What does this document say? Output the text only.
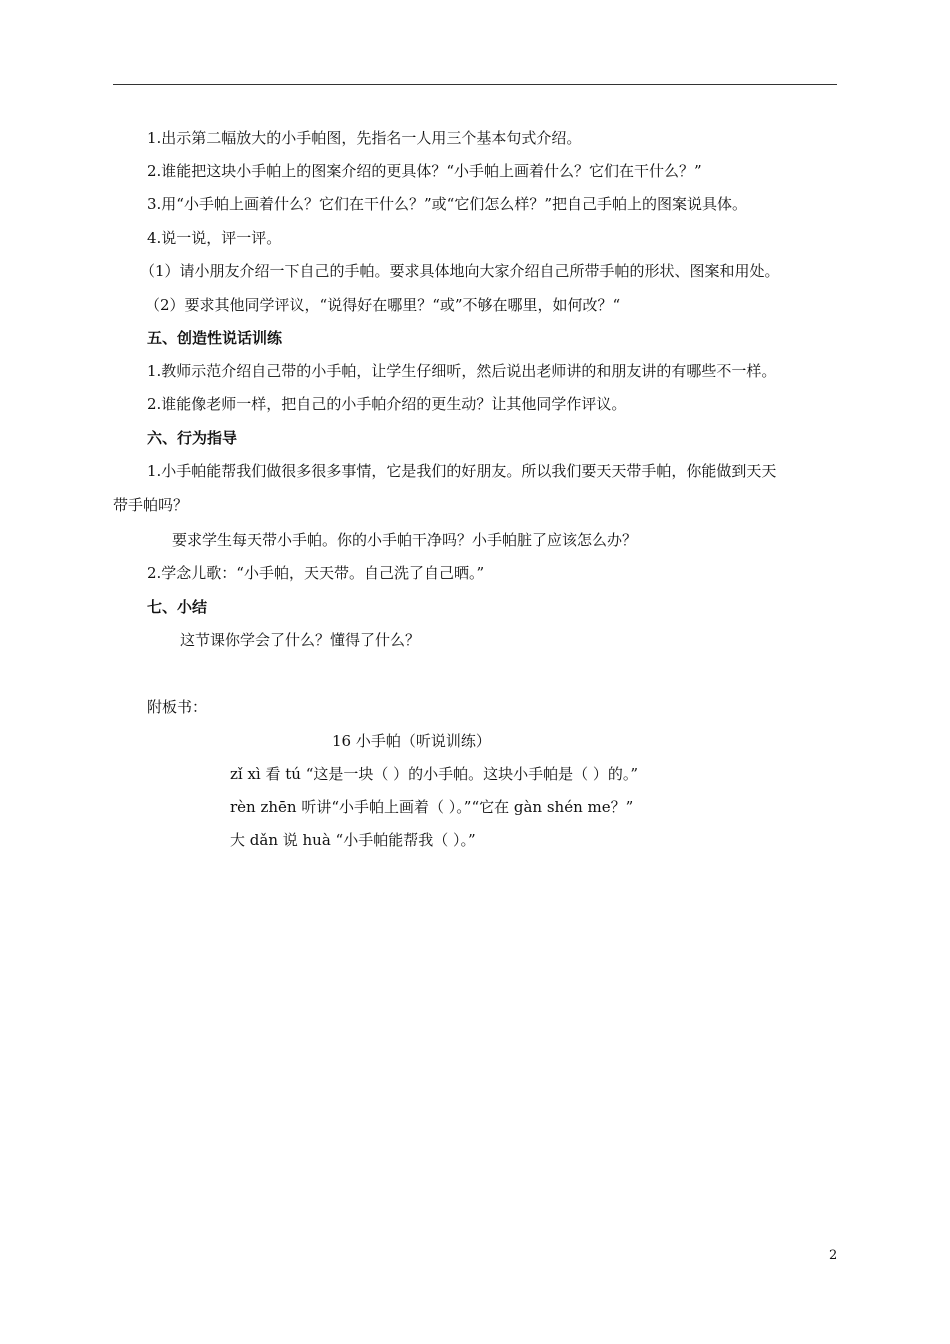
1.出示第二幅放大的小手帕图，先指名一人用三个基本句式介绍。
2.谁能把这块小手帕上的图案介绍的更具体？“小手帕上画着什么？它们在干什么？”
3.用“小手帕上画着什么？它们在干什么？”或“它们怎么样？”把自己手帕上的图案说具体。
4.说一说，评一评。
（1）请小朋友介绍一下自己的手帕。要求具体地向大家介绍自己所带手帕的形状、图案和用处。
（2）要求其他同学评议，“说得好在哪里？“或”不够在哪里，如何改？“
五、创造性说话训练
1.教师示范介绍自己带的小手帕，让学生仔细听，然后说出老师讲的和朋友讲的有哪些不一样。
2.谁能像老师一样，把自己的小手帕介绍的更生动？让其他同学作评议。
六、行为指导
1.小手帕能帮我们做很多很多事情，它是我们的好朋友。所以我们要天天带手帕，你能做到天天
带手帕吗？
要求学生每天带小手帕。你的小手帕干净吗？小手帕脏了应该怎么办？
2.学念儿歌：“小手帕，天天带。自己洗了自己晒。”
七、小结
这节课你学会了什么？懂得了什么？
附板书：
16 小手帕（听说训练）
zǐ xì 看 tú “这是一块（ ）的小手帕。这块小手帕是（ ）的。”
rèn zhēn 听讲“小手帕上画着（ ）。”“它在 gàn shén me？”
大 dǎn 说 huà “小手帕能帮我（ ）。”
2
